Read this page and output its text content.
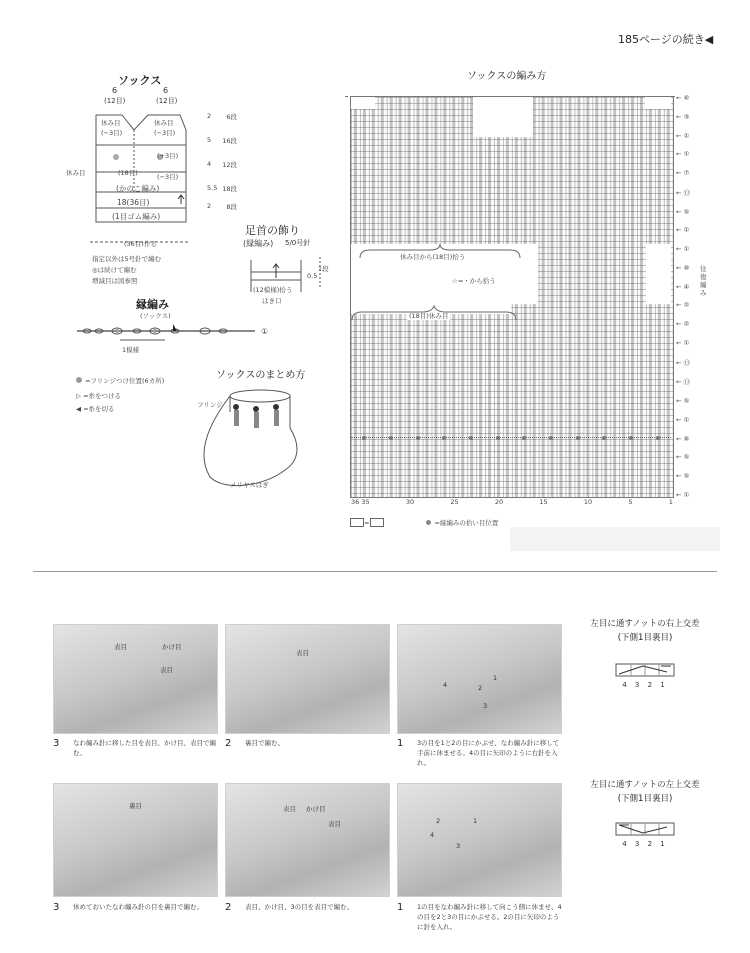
185ページの続き◀
ソックス
6
(12目)
6
(12目)
休み目
(−3目)
休み目
(−3目)
(+3目)
(−3目)
休み目	(18目)
(かのこ編み)
18(36目)
(1目ゴム編み)
(36目)作る
2 6段
5 16段
4 12段
5.5 18段
2 8段
指定以外は5号針で編む
◎は続けて編む
増減目は図参照
足首の飾り
(縁編み) 5/0号針
0.5
1段
(12模様)拾う
はき口
縁編み
(ソックス)
①
1模様
=フリンジつけ位置(6カ所)
▷ =糸をつける
◀ =糸を切る
ソックスのまとめ方
フリンジ
メリヤスはぎ
ソックスの編み方
休み目から(18目)拾う
☆=・から拾う
(18目)休み目
往復編み
36 35	30	25	20	15	10	5	1
← ⑥
← ③
← ①
← ①
← ⑦
← ⑬
← ⑤
← ①
← ①
← ⑩
← ④
← ②
← ②
← ①
← ⑬
← ⑬
← ⑤
← ①
← ⑧
← ⑤
← ⑤
← ①
=	=縁編みの拾い目位置
表目	かけ目
表目
表目
4	2
1
3
3	なわ編み針に移した目を表目、かけ目、表目で編む。
2	裏目で編む。	1	3の目を1と2の目にかぶせ、なわ編み針に移して手前に休ませる。4の目に矢印のように右針を入れ。
裏目	表目 かけ目
表目	2
4
3
1
3	休めておいたなわ編み針の目を裏目で編む。	2	表目、かけ目、3の目を表目で編む。	1	1の目をなわ編み針に移して向こう側に休ませ、4の目を2と3の目にかぶせる。2の目に矢印のように針を入れ。
左目に通すノットの右上交差
(下側1目裏目)
4 3 2 1
左目に通すノットの左上交差
(下側1目裏目)
4 3 2 1
